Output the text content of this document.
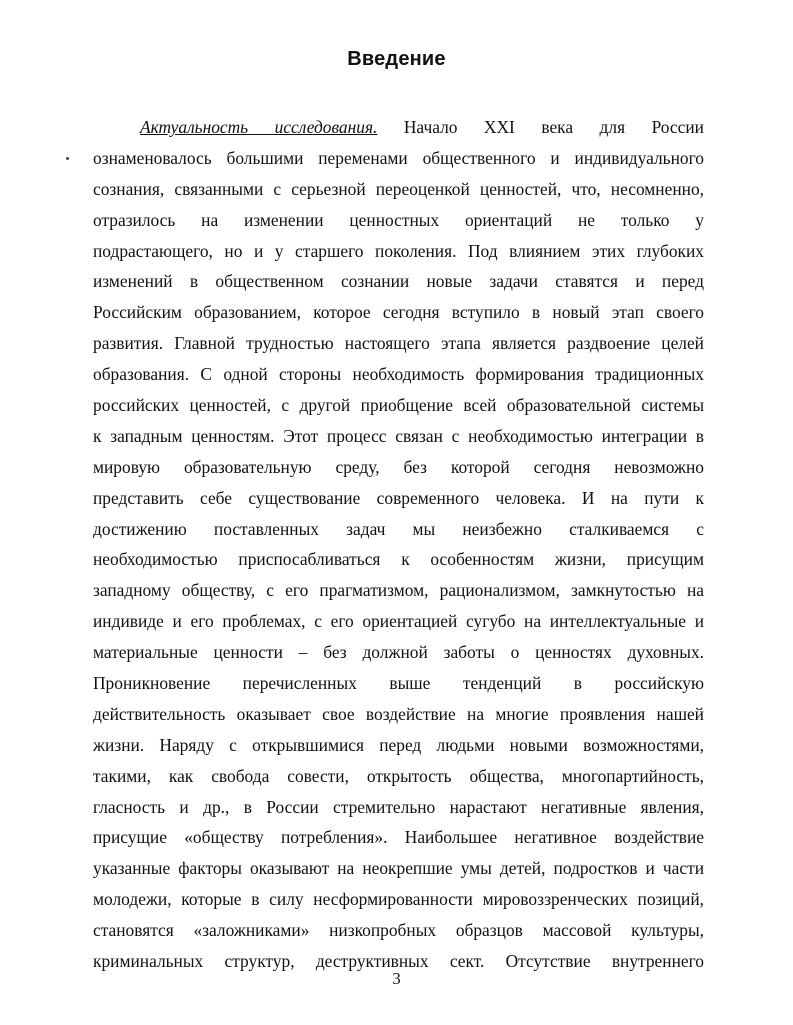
Введение
Актуальность исследования. Начало XXI века для России
ознаменовалось большими переменами общественного и индивидуального
сознания, связанными с серьезной переоценкой ценностей, что, несомненно,
отразилось на изменении ценностных ориентаций не только у
подрастающего, но и у старшего поколения. Под влиянием этих глубоких
изменений в общественном сознании новые задачи ставятся и перед
Российским образованием, которое сегодня вступило в новый этап своего
развития. Главной трудностью настоящего этапа является раздвоение целей
образования. С одной стороны необходимость формирования традиционных
российских ценностей, с другой приобщение всей образовательной системы
к западным ценностям. Этот процесс связан с необходимостью интеграции в
мировую образовательную среду, без которой сегодня невозможно
представить себе существование современного человека. И на пути к
достижению поставленных задач мы неизбежно сталкиваемся с
необходимостью приспосабливаться к особенностям жизни, присущим
западному обществу, с его прагматизмом, рационализмом, замкнутостью на
индивиде и его проблемах, с его ориентацией сугубо на интеллектуальные и
материальные ценности – без должной заботы о ценностях духовных.
Проникновение перечисленных выше тенденций в российскую
действительность оказывает свое воздействие на многие проявления нашей
жизни. Наряду с открывшимися перед людьми новыми возможностями,
такими, как свобода совести, открытость общества, многопартийность,
гласность и др., в России стремительно нарастают негативные явления,
присущие «обществу потребления». Наибольшее негативное воздействие
указанные факторы оказывают на неокрепшие умы детей, подростков и части
молодежи, которые в силу несформированности мировоззренческих позиций,
становятся «заложниками» низкопробных образцов массовой культуры,
криминальных структур, деструктивных сект. Отсутствие внутреннего
3
